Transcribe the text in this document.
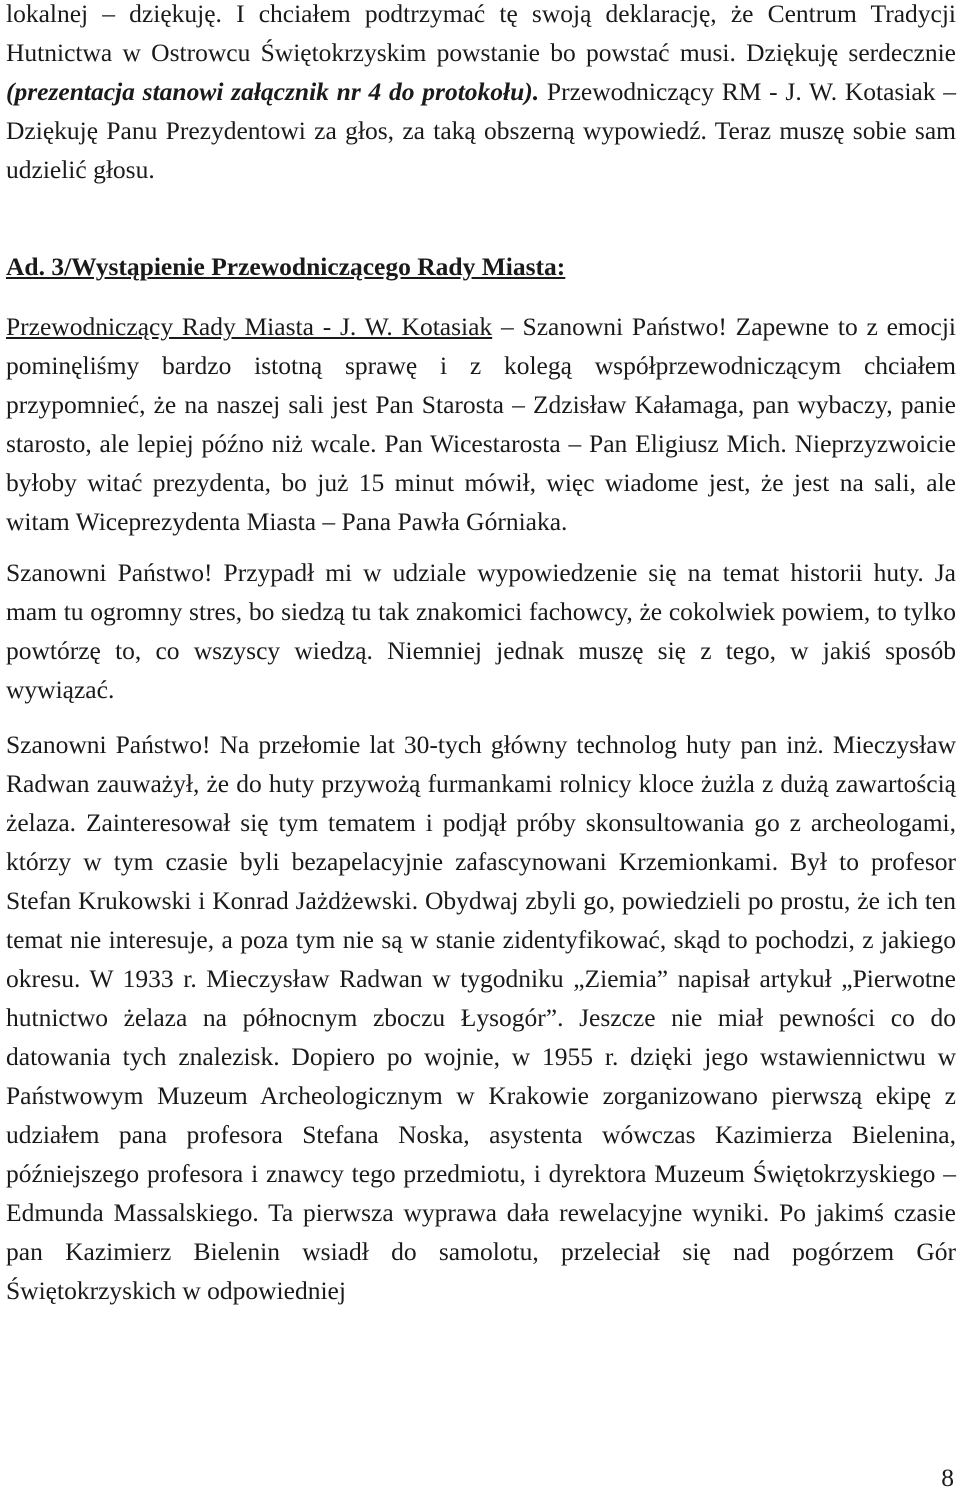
lokalnej – dziękuję. I chciałem podtrzymać tę swoją deklarację, że Centrum Tradycji Hutnictwa w Ostrowcu Świętokrzyskim powstanie bo powstać musi. Dziękuję serdecznie (prezentacja stanowi załącznik nr 4 do protokołu). Przewodniczący RM - J. W. Kotasiak – Dziękuję Panu Prezydentowi za głos, za taką obszerną wypowiedź. Teraz muszę sobie sam udzielić głosu.

Ad. 3/Wystąpienie Przewodniczącego Rady Miasta:

Przewodniczący Rady Miasta - J. W. Kotasiak – Szanowni Państwo! Zapewne to z emocji pominęliśmy bardzo istotną sprawę i z kolegą współprzewodniczącym chciałem przypomnieć, że na naszej sali jest Pan Starosta – Zdzisław Kałamaga, pan wybaczy, panie starosto, ale lepiej późno niż wcale. Pan Wicestarosta – Pan Eligiusz Mich. Nieprzyzwoicie byłoby witać prezydenta, bo już 15 minut mówił, więc wiadome jest, że jest na sali, ale witam Wiceprezydenta Miasta – Pana Pawła Górniaka.

Szanowni Państwo! Przypadł mi w udziale wypowiedzenie się na temat historii huty. Ja mam tu ogromny stres, bo siedzą tu tak znakomici fachowcy, że cokolwiek powiem, to tylko powtórzę to, co wszyscy wiedzą. Niemniej jednak muszę się z tego, w jakiś sposób wywiązać.

Szanowni Państwo! Na przełomie lat 30-tych główny technolog huty pan inż. Mieczysław Radwan zauważył, że do huty przywożą furmankami rolnicy kloce żużla z dużą zawartością żelaza. Zainteresował się tym tematem i podjął próby skonsultowania go z archeologami, którzy w tym czasie byli bezapelacyjnie zafascynowani Krzemionkami. Był to profesor Stefan Krukowski i Konrad Jażdżewski. Obydwaj zbyli go, powiedzieli po prostu, że ich ten temat nie interesuje, a poza tym nie są w stanie zidentyfikować, skąd to pochodzi, z jakiego okresu. W 1933 r. Mieczysław Radwan w tygodniku „Ziemia” napisał artykuł „Pierwotne hutnictwo żelaza na północnym zboczu Łysogór”. Jeszcze nie miał pewności co do datowania tych znalezisk. Dopiero po wojnie, w 1955 r. dzięki jego wstawiennictwu w Państwowym Muzeum Archeologicznym w Krakowie zorganizowano pierwszą ekipę z udziałem pana profesora Stefana Noska, asystenta wówczas Kazimierza Bielenina, późniejszego profesora i znawcy tego przedmiotu, i dyrektora Muzeum Świętokrzyskiego – Edmunda Massalskiego. Ta pierwsza wyprawa dała rewelacyjne wyniki. Po jakimś czasie pan Kazimierz Bielenin wsiadł do samolotu, przeleciał się nad pogórzem Gór Świętokrzyskich w odpowiedniej

8
